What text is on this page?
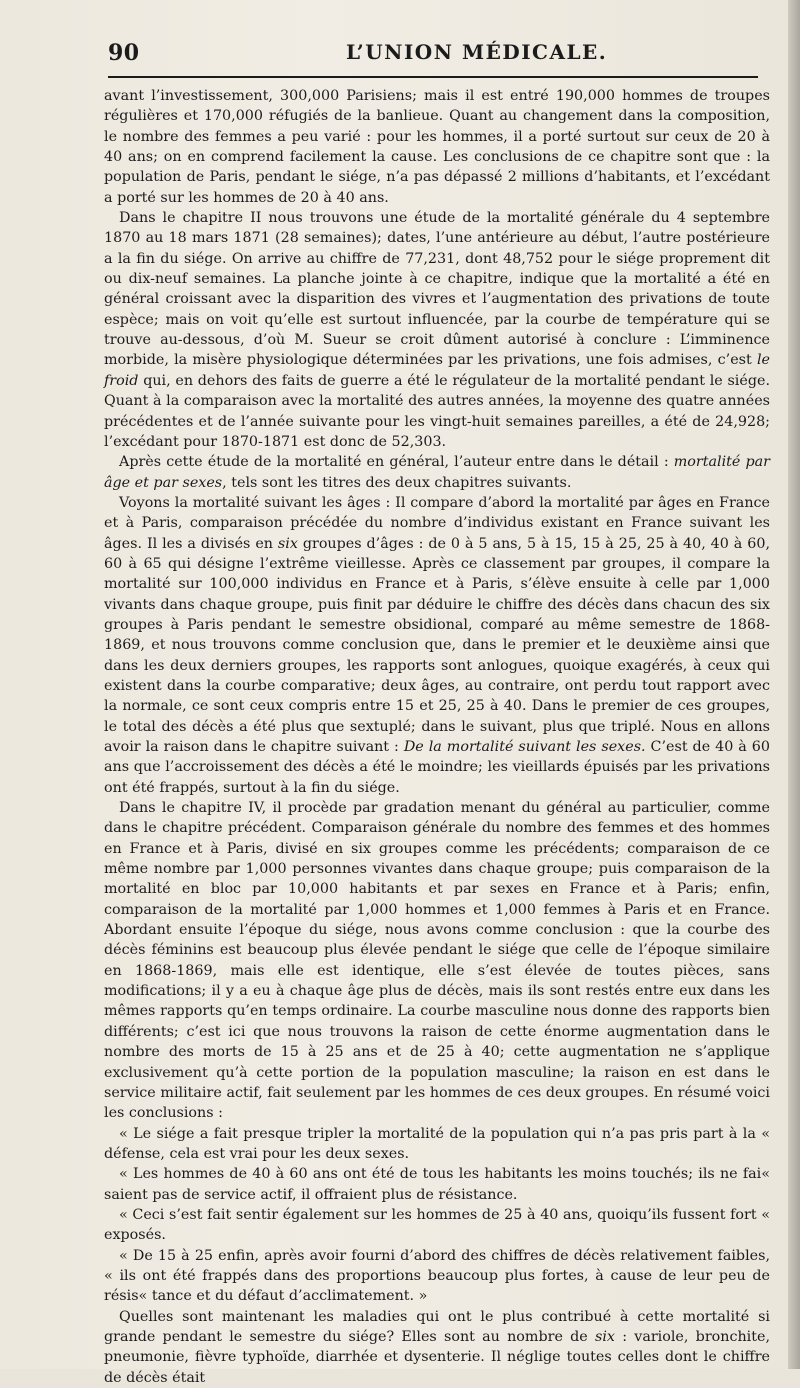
90	L’UNION MÉDICALE.

avant l’investissement, 300,000 Parisiens; mais il est entré 190,000 hommes de troupes régulières et 170,000 réfugiés de la banlieue. Quant au changement dans la composition, le nombre des femmes a peu varié : pour les hommes, il a porté surtout sur ceux de 20 à 40 ans; on en comprend facilement la cause. Les conclusions de ce chapitre sont que : la population de Paris, pendant le siége, n’a pas dépassé 2 millions d’habitants, et l’excédant a porté sur les hommes de 20 à 40 ans.

Dans le chapitre II nous trouvons une étude de la mortalité générale du 4 septembre 1870 au 18 mars 1871 (28 semaines); dates, l’une antérieure au début, l’autre postérieure a la fin du siége. On arrive au chiffre de 77,231, dont 48,752 pour le siége proprement dit ou dix-neuf semaines. La planche jointe à ce chapitre, indique que la mortalité a été en général croissant avec la disparition des vivres et l’augmentation des privations de toute espèce; mais on voit qu’elle est surtout influencée, par la courbe de température qui se trouve au-dessous, d’où M. Sueur se croit dûment autorisé à conclure : L’imminence morbide, la misère physiologique déterminées par les privations, une fois admises, c’est le froid qui, en dehors des faits de guerre a été le régulateur de la mortalité pendant le siége. Quant à la comparaison avec la mortalité des autres années, la moyenne des quatre années précédentes et de l’année suivante pour les vingt-huit semaines pareilles, a été de 24,928; l’excédant pour 1870-1871 est donc de 52,303.

Après cette étude de la mortalité en général, l’auteur entre dans le détail : mortalité par âge et par sexes, tels sont les titres des deux chapitres suivants.

Voyons la mortalité suivant les âges : Il compare d’abord la mortalité par âges en France et à Paris, comparaison précédée du nombre d’individus existant en France suivant les âges. Il les a divisés en six groupes d’âges : de 0 à 5 ans, 5 à 15, 15 à 25, 25 à 40, 40 à 60, 60 à 65 qui désigne l’extrême vieillesse. Après ce classement par groupes, il compare la mortalité sur 100,000 individus en France et à Paris, s’élève ensuite à celle par 1,000 vivants dans chaque groupe, puis finit par déduire le chiffre des décès dans chacun des six groupes à Paris pendant le semestre obsidional, comparé au même semestre de 1868-1869, et nous trouvons comme conclusion que, dans le premier et le deuxième ainsi que dans les deux derniers groupes, les rapports sont anlogues, quoique exagérés, à ceux qui existent dans la courbe comparative; deux âges, au contraire, ont perdu tout rapport avec la normale, ce sont ceux compris entre 15 et 25, 25 à 40. Dans le premier de ces groupes, le total des décès a été plus que sextuplé; dans le suivant, plus que triplé. Nous en allons avoir la raison dans le chapitre suivant : De la mortalité suivant les sexes. C’est de 40 à 60 ans que l’accroissement des décès a été le moindre; les vieillards épuisés par les privations ont été frappés, surtout à la fin du siége.

Dans le chapitre IV, il procède par gradation menant du général au particulier, comme dans le chapitre précédent. Comparaison générale du nombre des femmes et des hommes en France et à Paris, divisé en six groupes comme les précédents; comparaison de ce même nombre par 1,000 personnes vivantes dans chaque groupe; puis comparaison de la mortalité en bloc par 10,000 habitants et par sexes en France et à Paris; enfin, comparaison de la mortalité par 1,000 hommes et 1,000 femmes à Paris et en France. Abordant ensuite l’époque du siége, nous avons comme conclusion : que la courbe des décès féminins est beaucoup plus élevée pendant le siége que celle de l’époque similaire en 1868-1869, mais elle est identique, elle s’est élevée de toutes pièces, sans modifications; il y a eu à chaque âge plus de décès, mais ils sont restés entre eux dans les mêmes rapports qu’en temps ordinaire. La courbe masculine nous donne des rapports bien différents; c’est ici que nous trouvons la raison de cette énorme augmentation dans le nombre des morts de 15 à 25 ans et de 25 à 40; cette augmentation ne s’applique exclusivement qu’à cette portion de la population masculine; la raison en est dans le service militaire actif, fait seulement par les hommes de ces deux groupes. En résumé voici les conclusions :

« Le siége a fait presque tripler la mortalité de la population qui n’a pas pris part à la « défense, cela est vrai pour les deux sexes.

« Les hommes de 40 à 60 ans ont été de tous les habitants les moins touchés; ils ne fai« saient pas de service actif, il offraient plus de résistance.

« Ceci s’est fait sentir également sur les hommes de 25 à 40 ans, quoiqu’ils fussent fort « exposés.

« De 15 à 25 enfin, après avoir fourni d’abord des chiffres de décès relativement faibles, « ils ont été frappés dans des proportions beaucoup plus fortes, à cause de leur peu de résis« tance et du défaut d’acclimatement. »

Quelles sont maintenant les maladies qui ont le plus contribué à cette mortalité si grande pendant le semestre du siége? Elles sont au nombre de six : variole, bronchite, pneumonie, fièvre typhoïde, diarrhée et dysenterie. Il néglige toutes celles dont le chiffre de décès était
